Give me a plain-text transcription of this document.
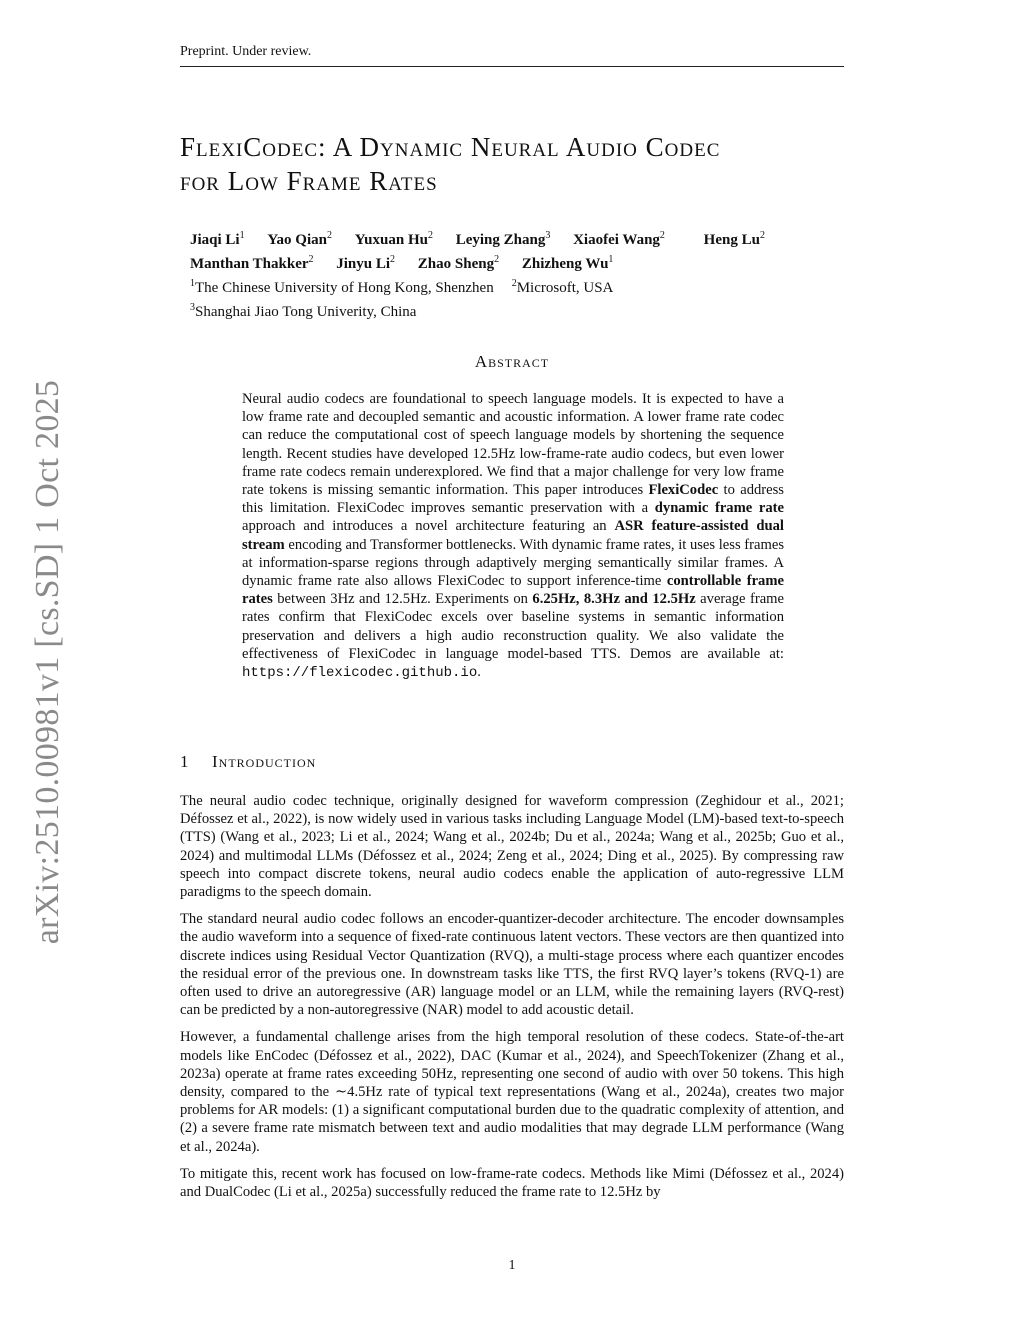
Preprint. Under review.
arXiv:2510.00981v1 [cs.SD] 1 Oct 2025
FlexiCodec: A Dynamic Neural Audio Codec
for Low Frame Rates
Jiaqi Li$^1$ Yao Qian$^2$ Yuxuan Hu$^2$ Leying Zhang$^3$ Xiaofei Wang$^2$	Heng Lu$^2$
Manthan Thakker$^2$ Jinyu Li$^2$ Zhao Sheng$^2$ Zhizheng Wu$^1$
$^1$The Chinese University of Hong Kong, Shenzhen $^2$Microsoft, USA
$^3$Shanghai Jiao Tong Univerity, China
Abstract
Neural audio codecs are foundational to speech language models. It is expected to have a low frame rate and decoupled semantic and acoustic information. A lower frame rate codec can reduce the computational cost of speech language models by shortening the sequence length. Recent studies have developed 12.5Hz low-frame-rate audio codecs, but even lower frame rate codecs remain underexplored. We find that a major challenge for very low frame rate tokens is missing semantic information. This paper introduces FlexiCodec to address this limitation. FlexiCodec improves semantic preservation with a dynamic frame rate approach and introduces a novel architecture featuring an ASR feature-assisted dual stream encoding and Transformer bottlenecks. With dynamic frame rates, it uses less frames at information-sparse regions through adaptively merging semantically similar frames. A dynamic frame rate also allows FlexiCodec to support inference-time controllable frame rates between 3Hz and 12.5Hz. Experiments on 6.25Hz, 8.3Hz and 12.5Hz average frame rates confirm that FlexiCodec excels over baseline systems in semantic information preservation and delivers a high audio reconstruction quality. We also validate the effectiveness of FlexiCodec in language model-based TTS. Demos are available at: https://flexicodec.github.io.
1 Introduction

The neural audio codec technique, originally designed for waveform compression (Zeghidour et al., 2021; Défossez et al., 2022), is now widely used in various tasks including Language Model (LM)-based text-to-speech (TTS) (Wang et al., 2023; Li et al., 2024; Wang et al., 2024b; Du et al., 2024a; Wang et al., 2025b; Guo et al., 2024) and multimodal LLMs (Défossez et al., 2024; Zeng et al., 2024; Ding et al., 2025). By compressing raw speech into compact discrete tokens, neural audio codecs enable the application of auto-regressive LLM paradigms to the speech domain.

The standard neural audio codec follows an encoder-quantizer-decoder architecture. The encoder downsamples the audio waveform into a sequence of fixed-rate continuous latent vectors. These vectors are then quantized into discrete indices using Residual Vector Quantization (RVQ), a multi-stage process where each quantizer encodes the residual error of the previous one. In downstream tasks like TTS, the first RVQ layer’s tokens (RVQ-1) are often used to drive an autoregressive (AR) language model or an LLM, while the remaining layers (RVQ-rest) can be predicted by a non-autoregressive (NAR) model to add acoustic detail.

However, a fundamental challenge arises from the high temporal resolution of these codecs. State-of-the-art models like EnCodec (Défossez et al., 2022), DAC (Kumar et al., 2024), and SpeechTokenizer (Zhang et al., 2023a) operate at frame rates exceeding 50Hz, representing one second of audio with over 50 tokens. This high density, compared to the ∼4.5Hz rate of typical text representations (Wang et al., 2024a), creates two major problems for AR models: (1) a significant computational burden due to the quadratic complexity of attention, and (2) a severe frame rate mismatch between text and audio modalities that may degrade LLM performance (Wang et al., 2024a).

To mitigate this, recent work has focused on low-frame-rate codecs. Methods like Mimi (Défossez et al., 2024) and DualCodec (Li et al., 2025a) successfully reduced the frame rate to 12.5Hz by

1
